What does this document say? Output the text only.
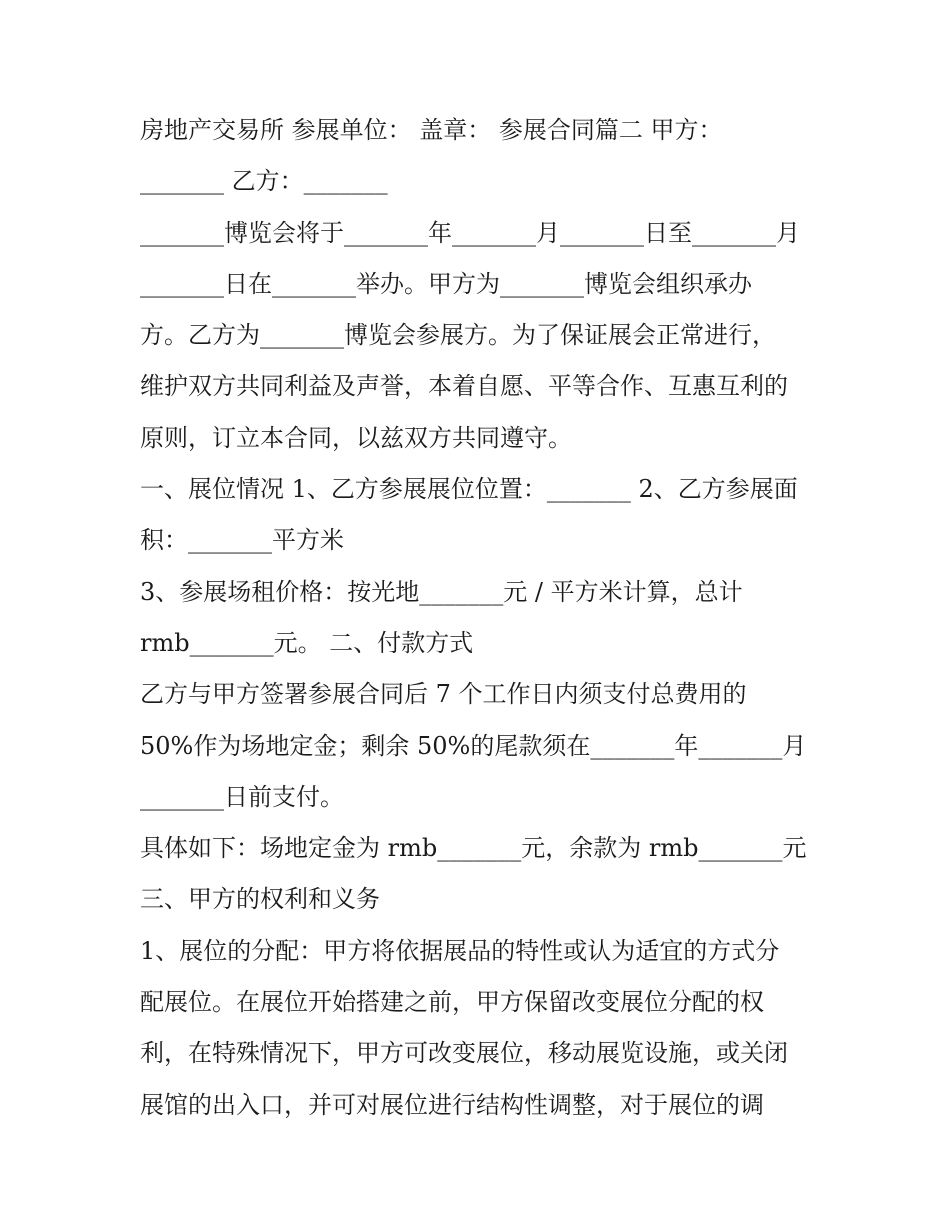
房地产交易所 参展单位： 盖章： 参展合同篇二 甲方：
_______ 乙方：_______
_______博览会将于_______年_______月_______日至_______月
_______日在_______举办。甲方为_______博览会组织承办
方。乙方为_______博览会参展方。为了保证展会正常进行，
维护双方共同利益及声誉，本着自愿、平等合作、互惠互利的
原则，订立本合同，以兹双方共同遵守。
一、展位情况 1、乙方参展展位位置：_______ 2、乙方参展面
积：_______平方米
3、参展场租价格：按光地_______元 / 平方米计算，总计
rmb_______元。 二、付款方式
乙方与甲方签署参展合同后 7 个工作日内须支付总费用的
50%作为场地定金；剩余 50%的尾款须在_______年_______月
_______日前支付。
具体如下：场地定金为 rmb_______元，余款为 rmb_______元
三、甲方的权利和义务
1、展位的分配：甲方将依据展品的特性或认为适宜的方式分
配展位。在展位开始搭建之前，甲方保留改变展位分配的权
利，在特殊情况下，甲方可改变展位，移动展览设施，或关闭
展馆的出入口，并可对展位进行结构性调整，对于展位的调
